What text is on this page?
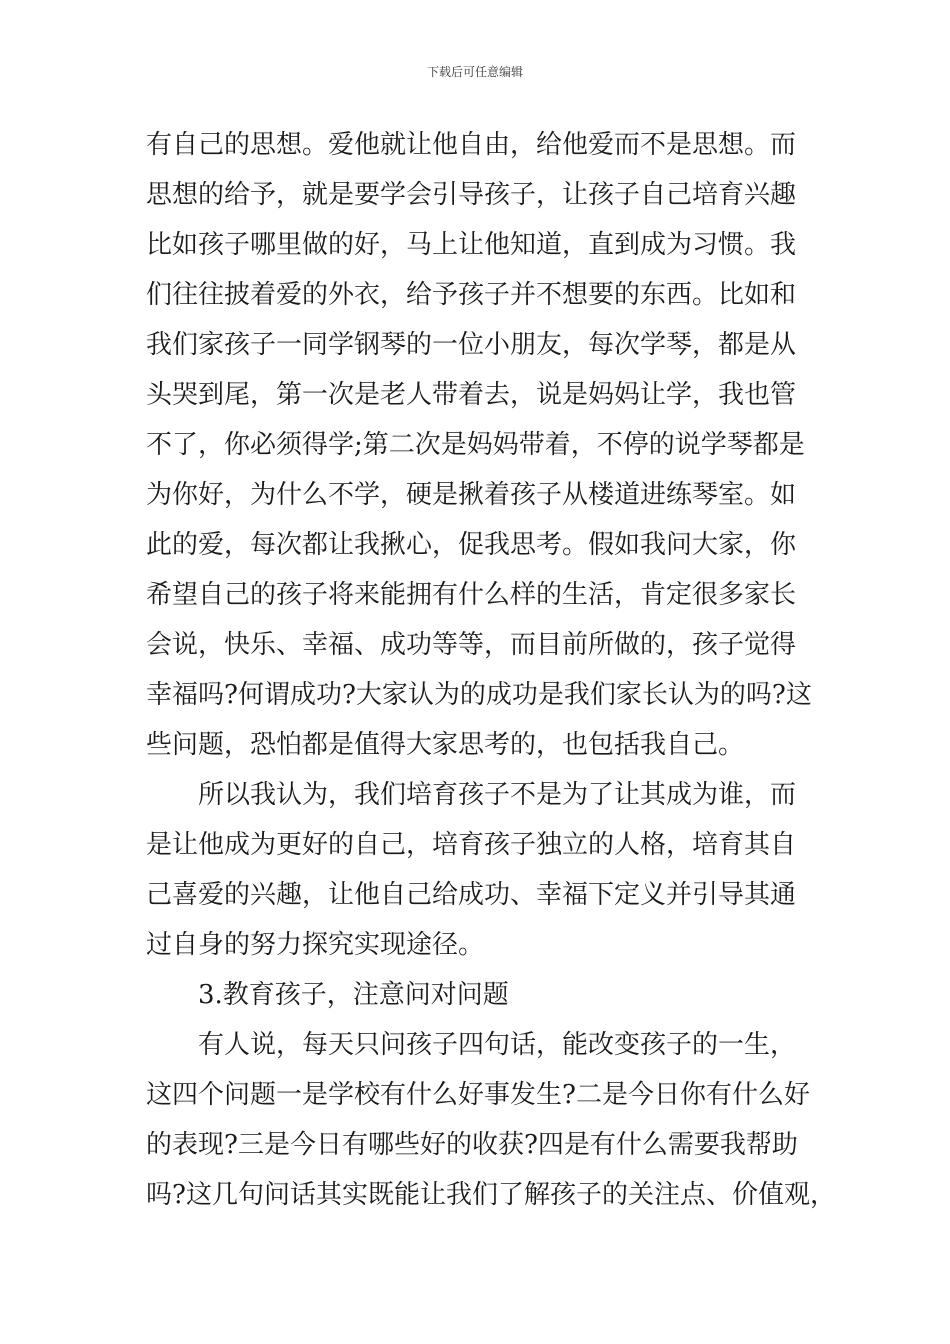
下载后可任意编辑
有自己的思想。爱他就让他自由，给他爱而不是思想。而
思想的给予，就是要学会引导孩子，让孩子自己培育兴趣
比如孩子哪里做的好，马上让他知道，直到成为习惯。我
们往往披着爱的外衣，给予孩子并不想要的东西。比如和
我们家孩子一同学钢琴的一位小朋友，每次学琴，都是从
头哭到尾，第一次是老人带着去，说是妈妈让学，我也管
不了，你必须得学;第二次是妈妈带着，不停的说学琴都是
为你好，为什么不学，硬是揪着孩子从楼道进练琴室。如
此的爱，每次都让我揪心，促我思考。假如我问大家，你
希望自己的孩子将来能拥有什么样的生活，肯定很多家长
会说，快乐、幸福、成功等等，而目前所做的，孩子觉得
幸福吗?何谓成功?大家认为的成功是我们家长认为的吗?这
些问题，恐怕都是值得大家思考的，也包括我自己。
所以我认为，我们培育孩子不是为了让其成为谁，而
是让他成为更好的自己，培育孩子独立的人格，培育其自
己喜爱的兴趣，让他自己给成功、幸福下定义并引导其通
过自身的努力探究实现途径。
3.教育孩子，注意问对问题
有人说，每天只问孩子四句话，能改变孩子的一生，
这四个问题一是学校有什么好事发生?二是今日你有什么好
的表现?三是今日有哪些好的收获?四是有什么需要我帮助
吗?这几句问话其实既能让我们了解孩子的关注点、价值观，
